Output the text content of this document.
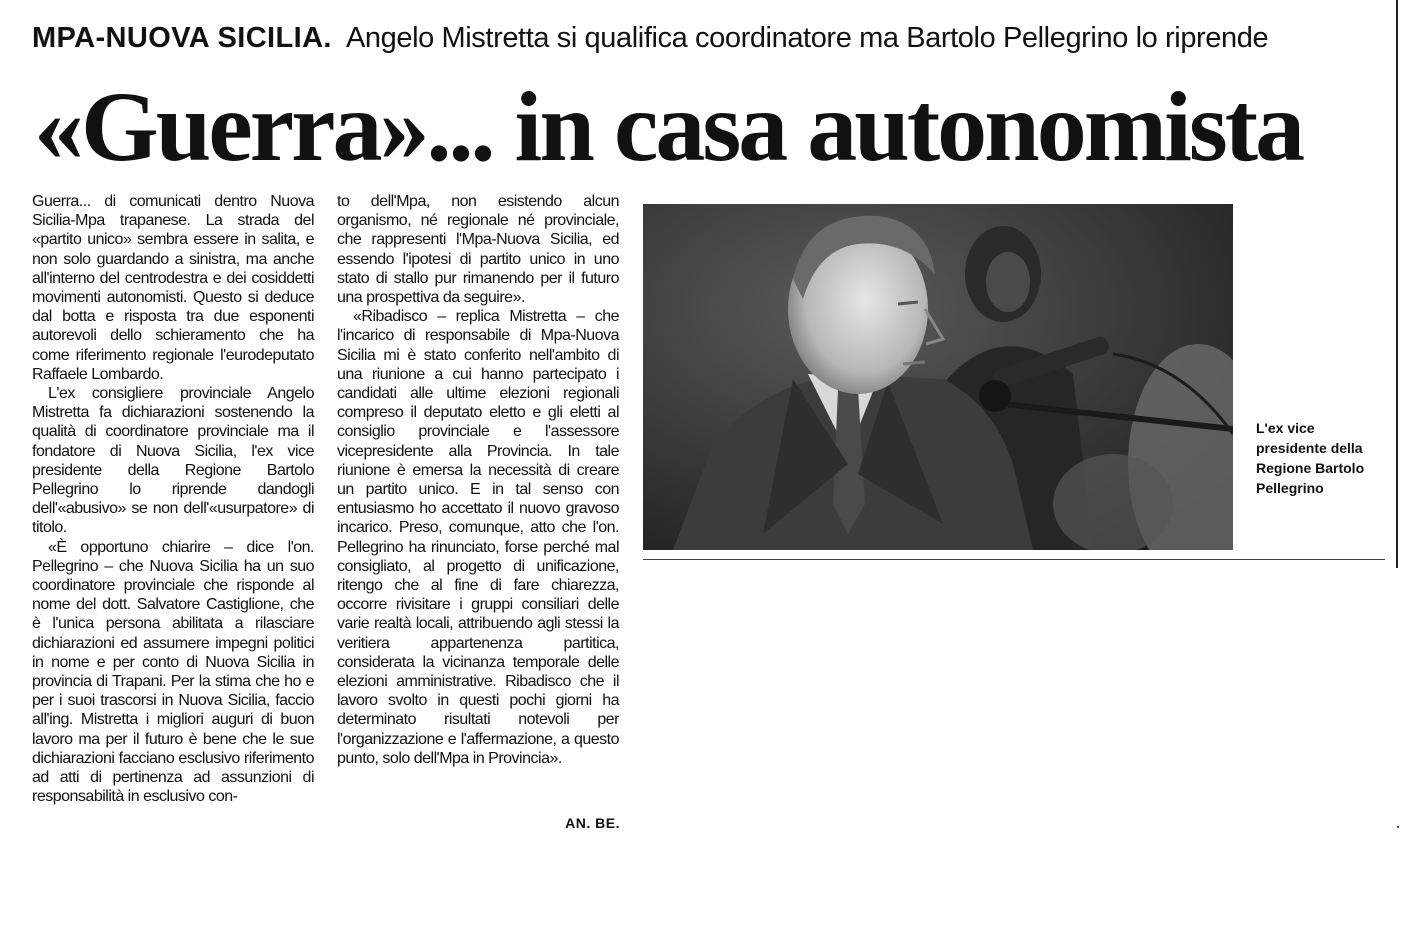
MPA-NUOVA SICILIA. Angelo Mistretta si qualifica coordinatore ma Bartolo Pellegrino lo riprende
«Guerra»... in casa autonomista

Guerra... di comunicati dentro Nuova Sicilia-Mpa trapanese. La strada del «partito unico» sembra essere in salita, e non solo guardando a sinistra, ma anche all'interno del centrodestra e dei cosiddetti movimenti autonomisti. Questo si deduce dal botta e risposta tra due esponenti autorevoli dello schieramento che ha come riferimento regionale l'eurodeputato Raffaele Lombardo.

L'ex consigliere provinciale Angelo Mistretta fa dichiarazioni sostenendo la qualità di coordinatore provinciale ma il fondatore di Nuova Sicilia, l'ex vice presidente della Regione Bartolo Pellegrino lo riprende dandogli dell'«abusivo» se non dell'«usurpatore» di titolo.

«È opportuno chiarire – dice l'on. Pellegrino – che Nuova Sicilia ha un suo coordinatore provinciale che risponde al nome del dott. Salvatore Castiglione, che è l'unica persona abilitata a rilasciare dichiarazioni ed assumere impegni politici in nome e per conto di Nuova Sicilia in provincia di Trapani. Per la stima che ho e per i suoi trascorsi in Nuova Sicilia, faccio all'ing. Mistretta i migliori auguri di buon lavoro ma per il futuro è bene che le sue dichiarazioni facciano esclusivo riferimento ad atti di pertinenza ad assunzioni di responsabilità in esclusivo con-

to dell'Mpa, non esistendo alcun organismo, né regionale né provinciale, che rappresenti l'Mpa-Nuova Sicilia, ed essendo l'ipotesi di partito unico in uno stato di stallo pur rimanendo per il futuro una prospettiva da seguire».

«Ribadisco – replica Mistretta – che l'incarico di responsabile di Mpa-Nuova Sicilia mi è stato conferito nell'ambito di una riunione a cui hanno partecipato i candidati alle ultime elezioni regionali compreso il deputato eletto e gli eletti al consiglio provinciale e l'assessore vicepresidente alla Provincia. In tale riunione è emersa la necessità di creare un partito unico. E in tal senso con entusiasmo ho accettato il nuovo gravoso incarico. Preso, comunque, atto che l'on. Pellegrino ha rinunciato, forse perché mal consigliato, al progetto di unificazione, ritengo che al fine di fare chiarezza, occorre rivisitare i gruppi consiliari delle varie realtà locali, attribuendo agli stessi la veritiera appartenenza partitica, considerata la vicinanza temporale delle elezioni amministrative. Ribadisco che il lavoro svolto in questi pochi giorni ha determinato risultati notevoli per l'organizzazione e l'affermazione, a questo punto, solo dell'Mpa in Provincia».

AN. BE.
L'ex vice
presidente della
Regione Bartolo
Pellegrino
